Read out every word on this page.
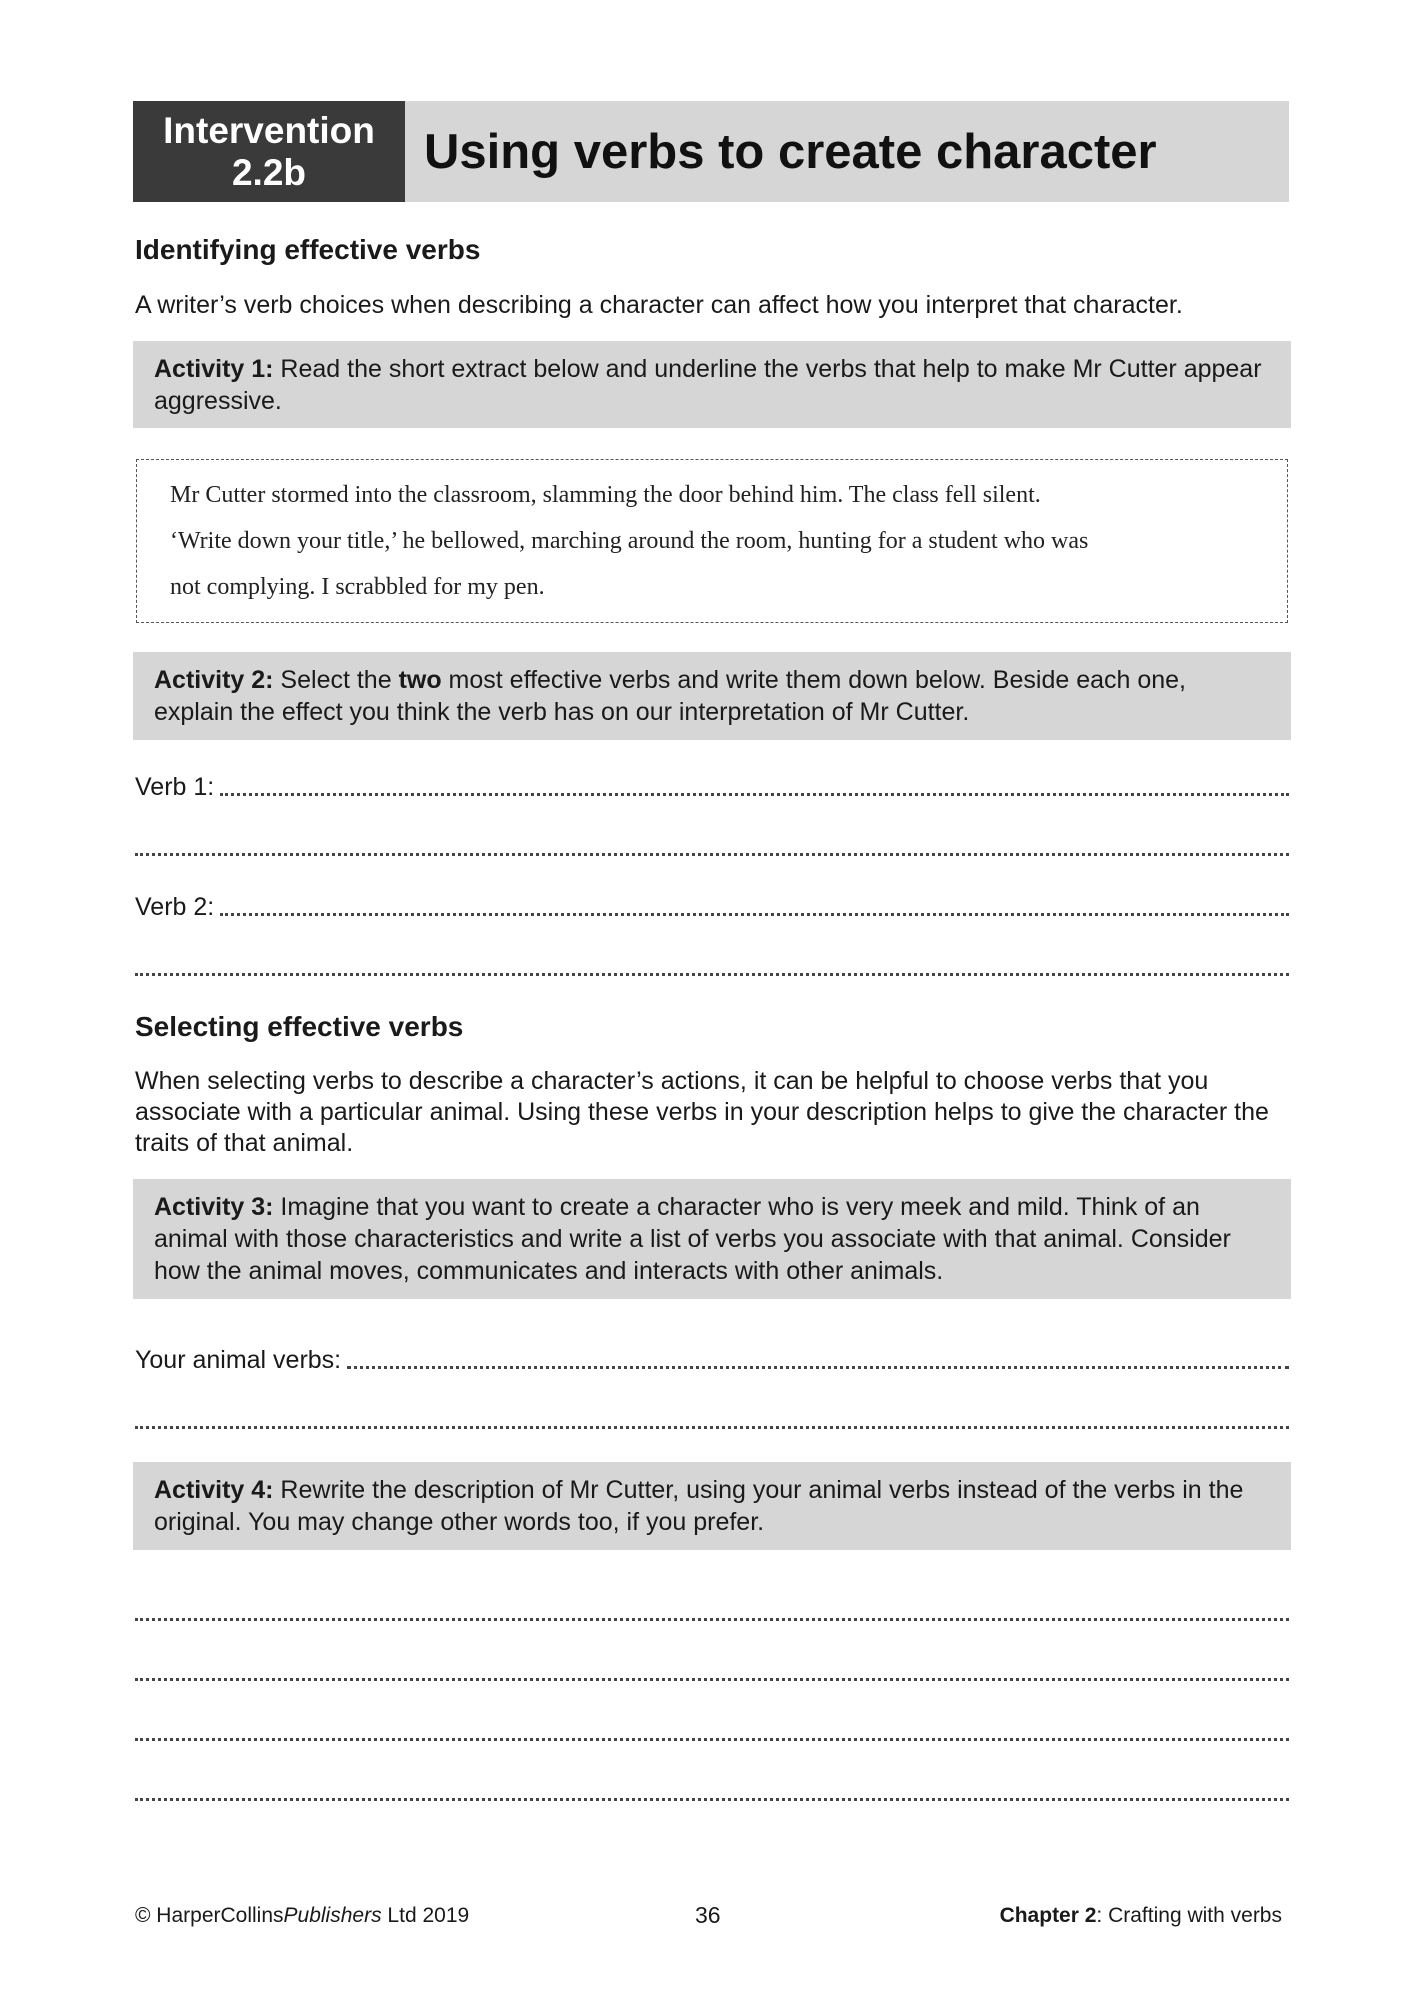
Intervention
2.2b Using verbs to create character
Identifying effective verbs
A writer’s verb choices when describing a character can affect how you interpret that character.
Activity 1: Read the short extract below and underline the verbs that help to make Mr Cutter appear aggressive.
Mr Cutter stormed into the classroom, slamming the door behind him. The class fell silent.
‘Write down your title,’ he bellowed, marching around the room, hunting for a student who was
not complying. I scrabbled for my pen.
Activity 2: Select the two most effective verbs and write them down below. Beside each one, explain the effect you think the verb has on our interpretation of Mr Cutter.
Verb 1:
Verb 2:
Selecting effective verbs
When selecting verbs to describe a character’s actions, it can be helpful to choose verbs that you associate with a particular animal. Using these verbs in your description helps to give the character the traits of that animal.
Activity 3: Imagine that you want to create a character who is very meek and mild. Think of an animal with those characteristics and write a list of verbs you associate with that animal. Consider how the animal moves, communicates and interacts with other animals.
Your animal verbs:
Activity 4: Rewrite the description of Mr Cutter, using your animal verbs instead of the verbs in the original. You may change other words too, if you prefer.
© HarperCollinsPublishers Ltd 2019	36	Chapter 2: Crafting with verbs
